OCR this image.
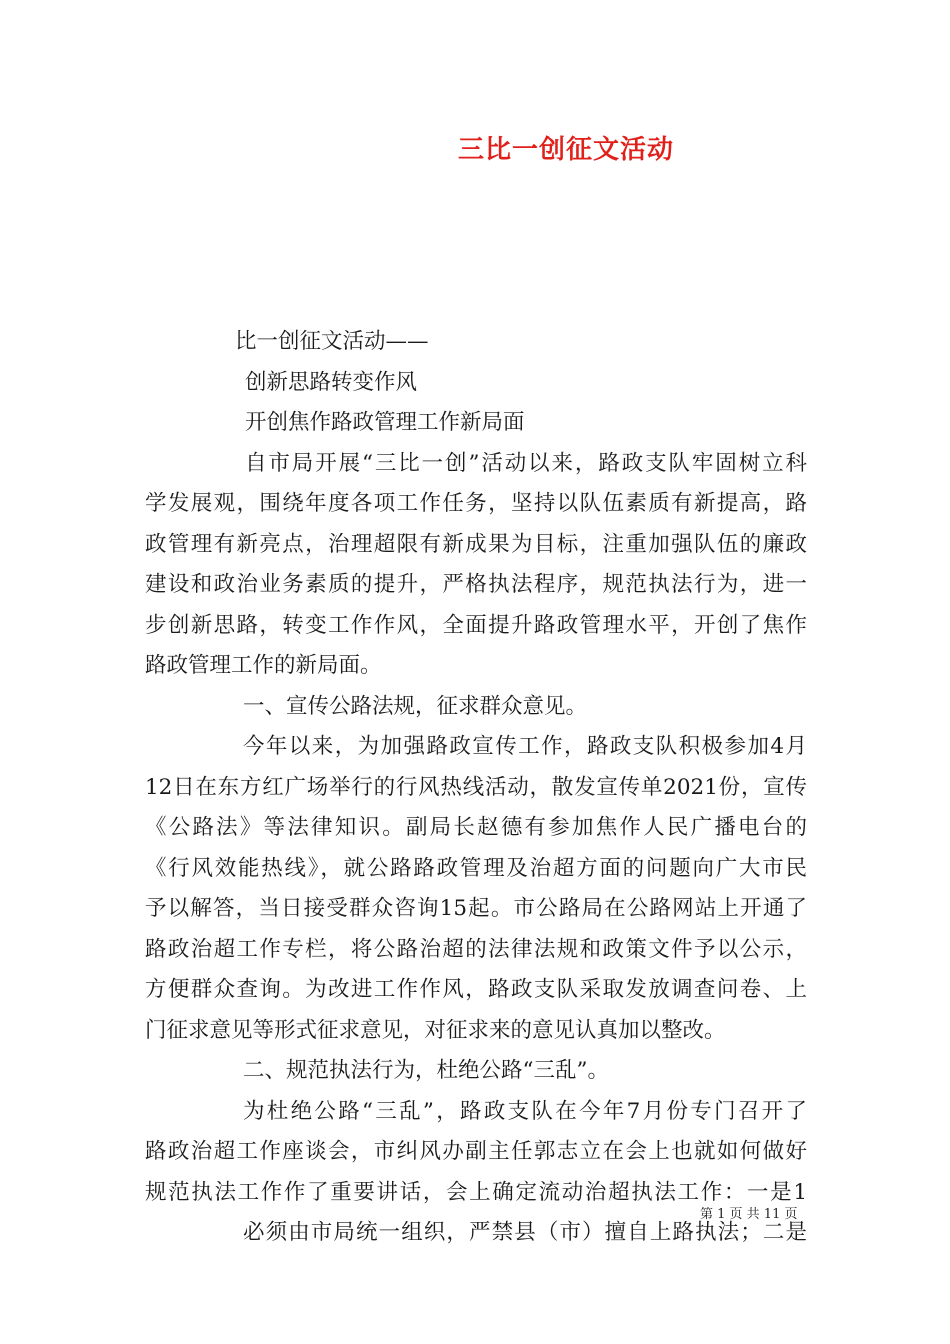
三比一创征文活动
比一创征文活动——
创新思路转变作风
开创焦作路政管理工作新局面
自市局开展“三比一创”活动以来，路政支队牢固树立科
学发展观，围绕年度各项工作任务，坚持以队伍素质有新提高，路
政管理有新亮点，治理超限有新成果为目标，注重加强队伍的廉政
建设和政治业务素质的提升，严格执法程序，规范执法行为，进一
步创新思路，转变工作作风，全面提升路政管理水平，开创了焦作
路政管理工作的新局面。
一、宣传公路法规，征求群众意见。
今年以来，为加强路政宣传工作，路政支队积极参加4月
12日在东方红广场举行的行风热线活动，散发宣传单2021份，宣传
《公路法》等法律知识。副局长赵德有参加焦作人民广播电台的
《行风效能热线》，就公路路政管理及治超方面的问题向广大市民
予以解答，当日接受群众咨询15起。市公路局在公路网站上开通了
路政治超工作专栏，将公路治超的法律法规和政策文件予以公示，
方便群众查询。为改进工作作风，路政支队采取发放调查问卷、上
门征求意见等形式征求意见，对征求来的意见认真加以整改。
二、规范执法行为，杜绝公路“三乱”。
为杜绝公路“三乱”，路政支队在今年7月份专门召开了
路政治超工作座谈会，市纠风办副主任郭志立在会上也就如何做好
规范执法工作作了重要讲话，会上确定流动治超执法工作：一是1
必须由市局统一组织，严禁县（市）擅自上路执法；二是
第 1 页 共 11 页
